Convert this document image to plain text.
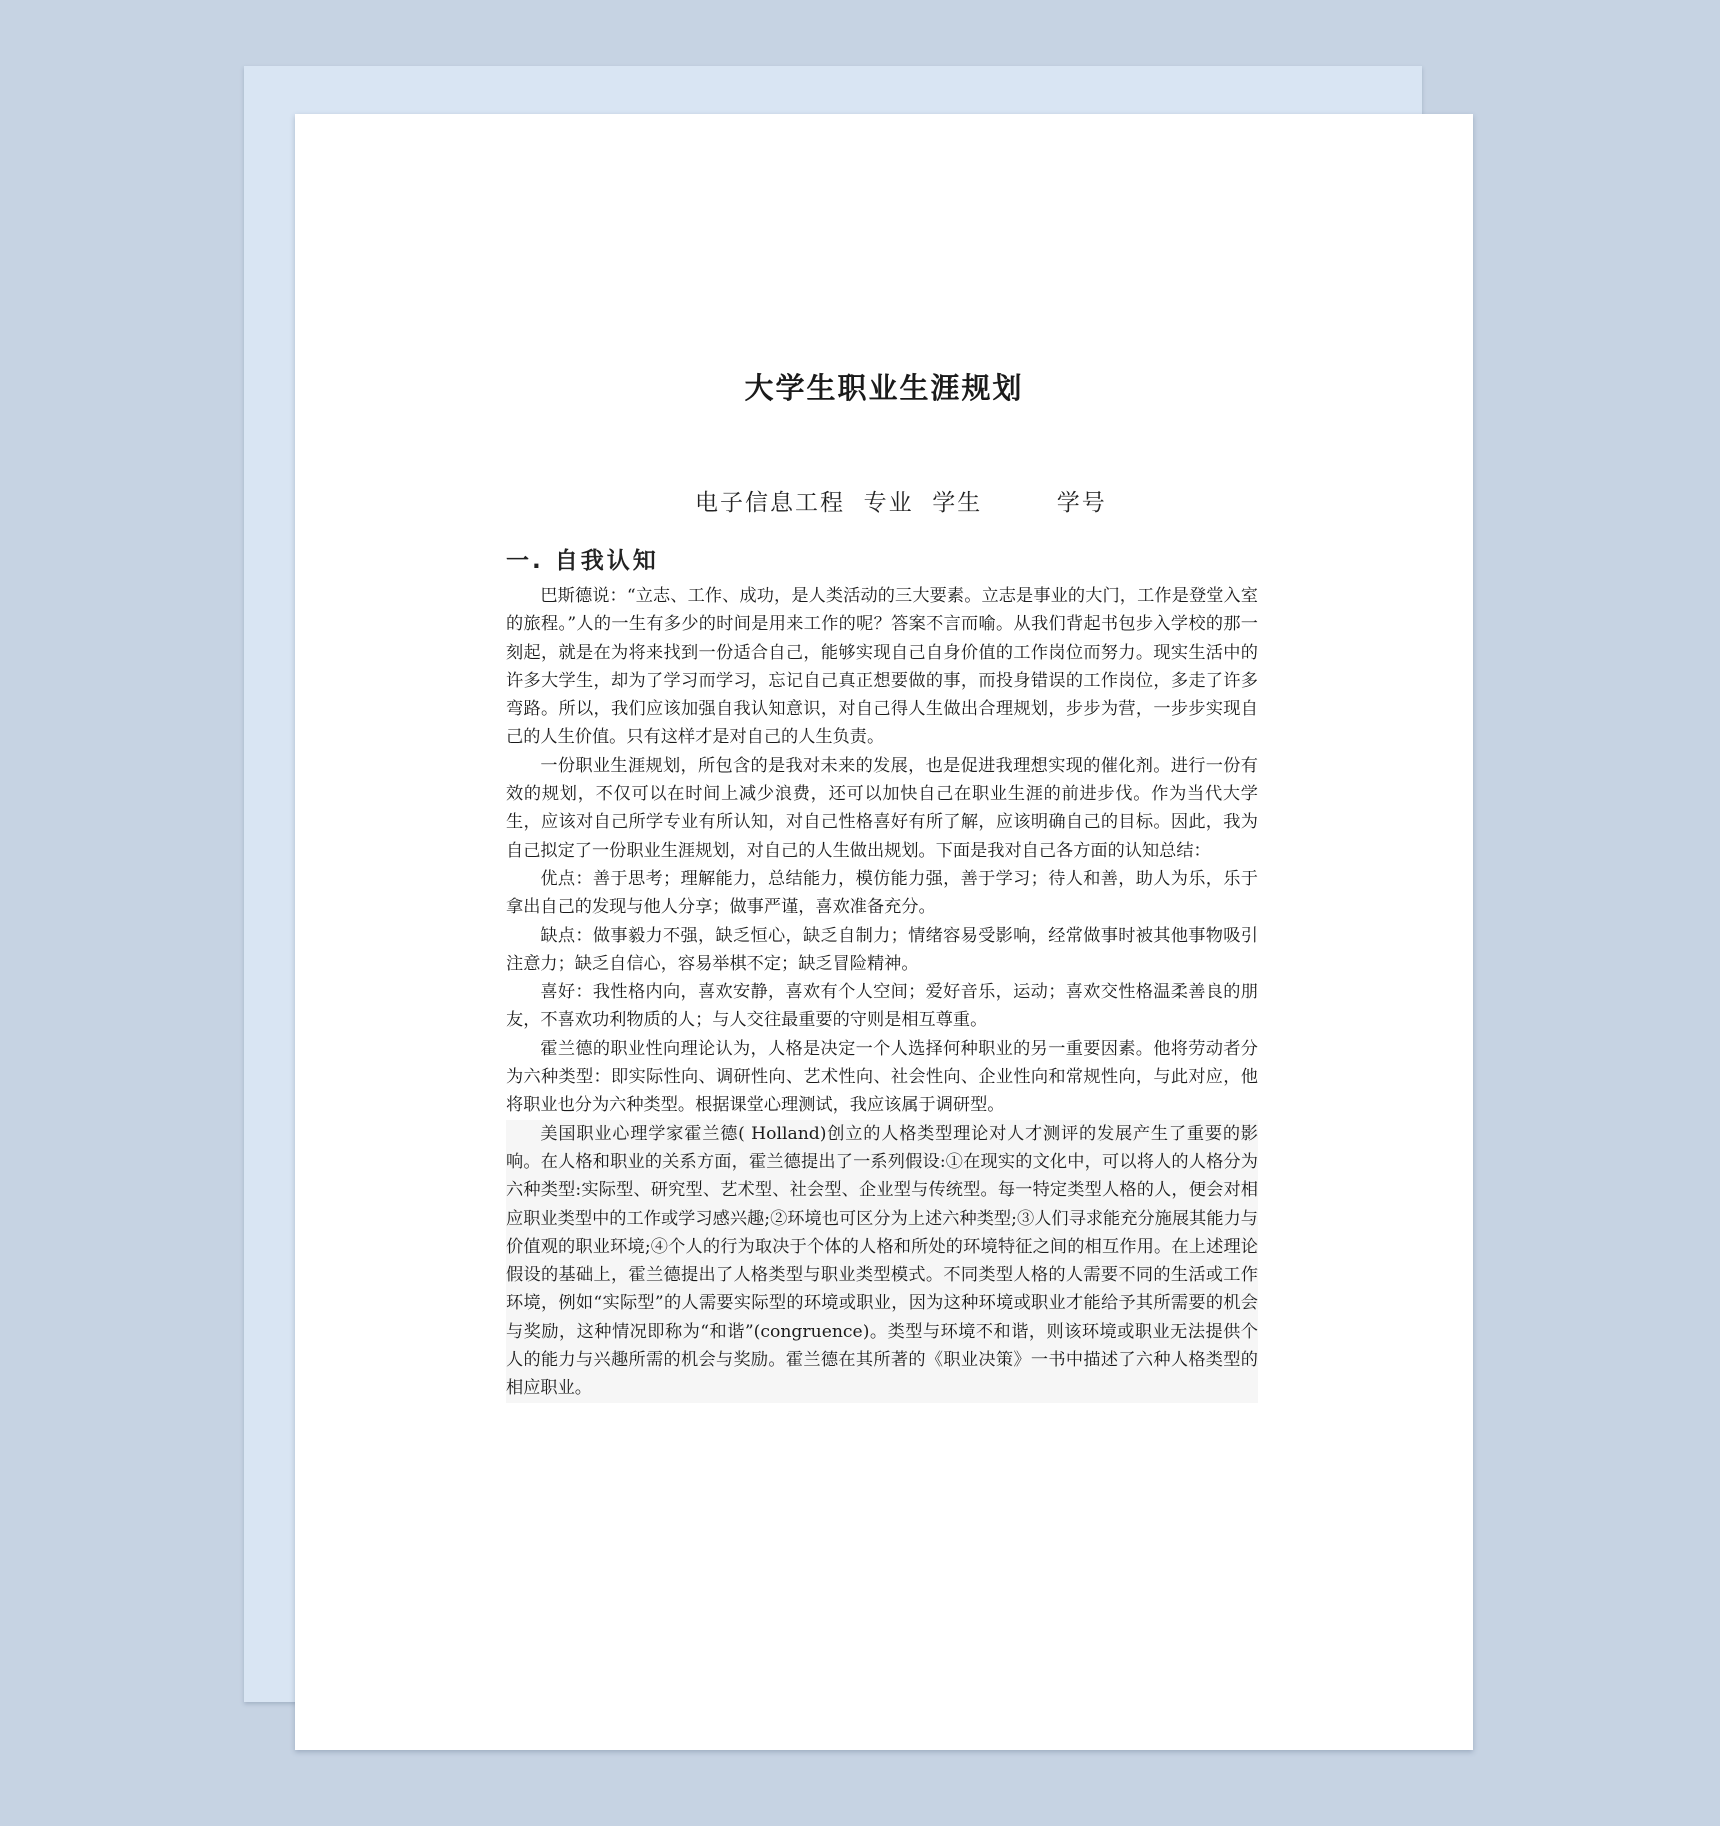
大学生职业生涯规划
电子信息工程  专业  学生        学号
一. 自我认知

巴斯德说：“立志、工作、成功，是人类活动的三大要素。立志是事业的大门，工作是登堂入室的旅程。”人的一生有多少的时间是用来工作的呢？答案不言而喻。从我们背起书包步入学校的那一刻起，就是在为将来找到一份适合自己，能够实现自己自身价值的工作岗位而努力。现实生活中的许多大学生，却为了学习而学习，忘记自己真正想要做的事，而投身错误的工作岗位，多走了许多弯路。所以，我们应该加强自我认知意识，对自己得人生做出合理规划，步步为营，一步步实现自己的人生价值。只有这样才是对自己的人生负责。

一份职业生涯规划，所包含的是我对未来的发展，也是促进我理想实现的催化剂。进行一份有效的规划，不仅可以在时间上减少浪费，还可以加快自己在职业生涯的前进步伐。作为当代大学生，应该对自己所学专业有所认知，对自己性格喜好有所了解，应该明确自己的目标。因此，我为自己拟定了一份职业生涯规划，对自己的人生做出规划。下面是我对自己各方面的认知总结：

优点：善于思考；理解能力，总结能力，模仿能力强，善于学习；待人和善，助人为乐，乐于拿出自己的发现与他人分享；做事严谨，喜欢准备充分。

缺点：做事毅力不强，缺乏恒心，缺乏自制力；情绪容易受影响，经常做事时被其他事物吸引注意力；缺乏自信心，容易举棋不定；缺乏冒险精神。

喜好：我性格内向，喜欢安静，喜欢有个人空间；爱好音乐，运动；喜欢交性格温柔善良的朋友，不喜欢功利物质的人；与人交往最重要的守则是相互尊重。

霍兰德的职业性向理论认为，人格是决定一个人选择何种职业的另一重要因素。他将劳动者分为六种类型：即实际性向、调研性向、艺术性向、社会性向、企业性向和常规性向，与此对应，他将职业也分为六种类型。根据课堂心理测试，我应该属于调研型。

美国职业心理学家霍兰德( Holland)创立的人格类型理论对人才测评的发展产生了重要的影响。在人格和职业的关系方面，霍兰德提出了一系列假设:①在现实的文化中，可以将人的人格分为六种类型:实际型、研究型、艺术型、社会型、企业型与传统型。每一特定类型人格的人，便会对相应职业类型中的工作或学习感兴趣;②环境也可区分为上述六种类型;③人们寻求能充分施展其能力与价值观的职业环境;④个人的行为取决于个体的人格和所处的环境特征之间的相互作用。在上述理论假设的基础上，霍兰德提出了人格类型与职业类型模式。不同类型人格的人需要不同的生活或工作环境，例如“实际型”的人需要实际型的环境或职业，因为这种环境或职业才能给予其所需要的机会与奖励，这种情况即称为“和谐”(congruence)。类型与环境不和谐，则该环境或职业无法提供个人的能力与兴趣所需的机会与奖励。霍兰德在其所著的《职业决策》一书中描述了六种人格类型的相应职业。
